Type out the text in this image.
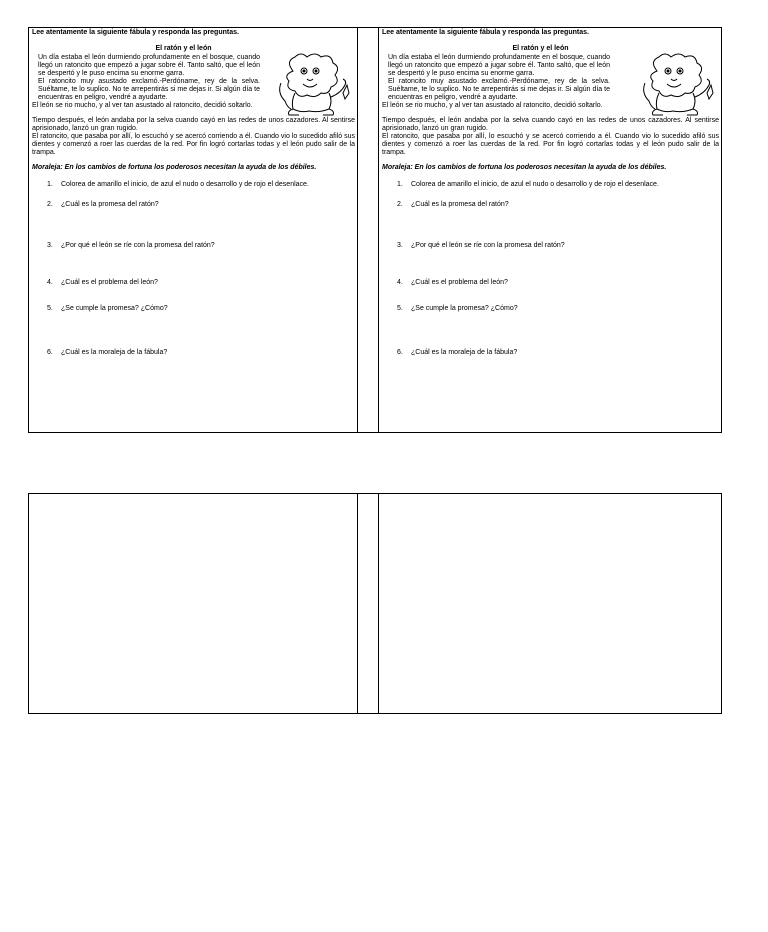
Lee atentamente la siguiente fábula y responda las preguntas.
El ratón y el león
Un día estaba el león durmiendo profundamente en el bosque, cuando llegó un ratoncito que empezó a jugar sobre él. Tanto saltó, que el león se despertó y le puso encima su enorme garra.
El ratoncito muy asustado exclamó.-Perdóname, rey de la selva. Suéltame, te lo suplico. No te arrepentirás si me dejas ir. Si algún día te encuentras en peligro, vendré a ayudarte.
El león se rio mucho, y al ver tan asustado al ratoncito, decidió soltarlo.
Tiempo después, el león andaba por la selva cuando cayó en las redes de unos cazadores. Al sentirse aprisionado, lanzó un gran rugido.
El ratoncito, que pasaba por allí, lo escuchó y se acercó corriendo a él. Cuando vio lo sucedido afiló sus dientes y comenzó a roer las cuerdas de la red. Por fin logró cortarlas todas y el león pudo salir de la trampa.
Moraleja: En los cambios de fortuna los poderosos necesitan la ayuda de los débiles.
1. Colorea de amarillo el inicio, de azul el nudo o desarrollo y de rojo el desenlace.
2. ¿Cuál es la promesa del ratón?
3. ¿Por qué el león se ríe con la promesa del ratón?
4. ¿Cuál es el problema del león?
5. ¿Se cumple la promesa? ¿Cómo?
6. ¿Cuál es la moraleja de la fábula?
Lee atentamente la siguiente fábula y responda las preguntas.
El ratón y el león
Un día estaba el león durmiendo profundamente en el bosque, cuando llegó un ratoncito que empezó a jugar sobre él. Tanto saltó, que el león se despertó y le puso encima su enorme garra.
El ratoncito muy asustado exclamó.-Perdóname, rey de la selva. Suéltame, te lo suplico. No te arrepentirás si me dejas ir. Si algún día te encuentras en peligro, vendré a ayudarte.
El león se rio mucho, y al ver tan asustado al ratoncito, decidió soltarlo.
Tiempo después, el león andaba por la selva cuando cayó en las redes de unos cazadores. Al sentirse aprisionado, lanzó un gran rugido.
El ratoncito, que pasaba por allí, lo escuchó y se acercó corriendo a él. Cuando vio lo sucedido afiló sus dientes y comenzó a roer las cuerdas de la red. Por fin logró cortarlas todas y el león pudo salir de la trampa.
Moraleja: En los cambios de fortuna los poderosos necesitan la ayuda de los débiles.
1. Colorea de amarillo el inicio, de azul el nudo o desarrollo y de rojo el desenlace.
2. ¿Cuál es la promesa del ratón?
3. ¿Por qué el león se ríe con la promesa del ratón?
4. ¿Cuál es el problema del león?
5. ¿Se cumple la promesa? ¿Cómo?
6. ¿Cuál es la moraleja de la fábula?
